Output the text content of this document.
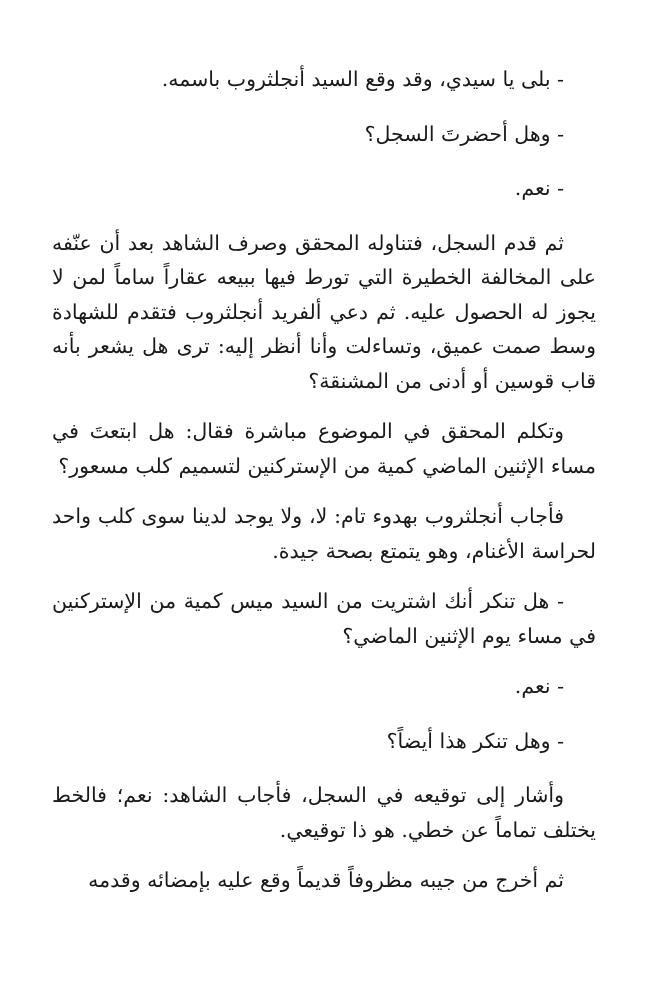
- بلى يا سيدي، وقد وقع السيد أنجلثروب باسمه.

- وهل أحضرتَ السجل؟

- نعم.

ثم قدم السجل، فتناوله المحقق وصرف الشاهد بعد أن عنّفه على المخالفة الخطيرة التي تورط فيها ببيعه عقاراً ساماً لمن لا يجوز له الحصول عليه. ثم دعي ألفريد أنجلثروب فتقدم للشهادة وسط صمت عميق، وتساءلت وأنا أنظر إليه: ترى هل يشعر بأنه قاب قوسين أو أدنى من المشنقة؟

وتكلم المحقق في الموضوع مباشرة فقال: هل ابتعتَ في مساء الإثنين الماضي كمية من الإستركنين لتسميم كلب مسعور؟

فأجاب أنجلثروب بهدوء تام: لا، ولا يوجد لدينا سوى كلب واحد لحراسة الأغنام، وهو يتمتع بصحة جيدة.

- هل تنكر أنك اشتريت من السيد ميس كمية من الإستركنين في مساء يوم الإثنين الماضي؟

- نعم.

- وهل تنكر هذا أيضاً؟

وأشار إلى توقيعه في السجل، فأجاب الشاهد: نعم؛ فالخط يختلف تماماً عن خطي. هو ذا توقيعي.

ثم أخرج من جيبه مظروفاً قديماً وقع عليه بإمضائه وقدمه
